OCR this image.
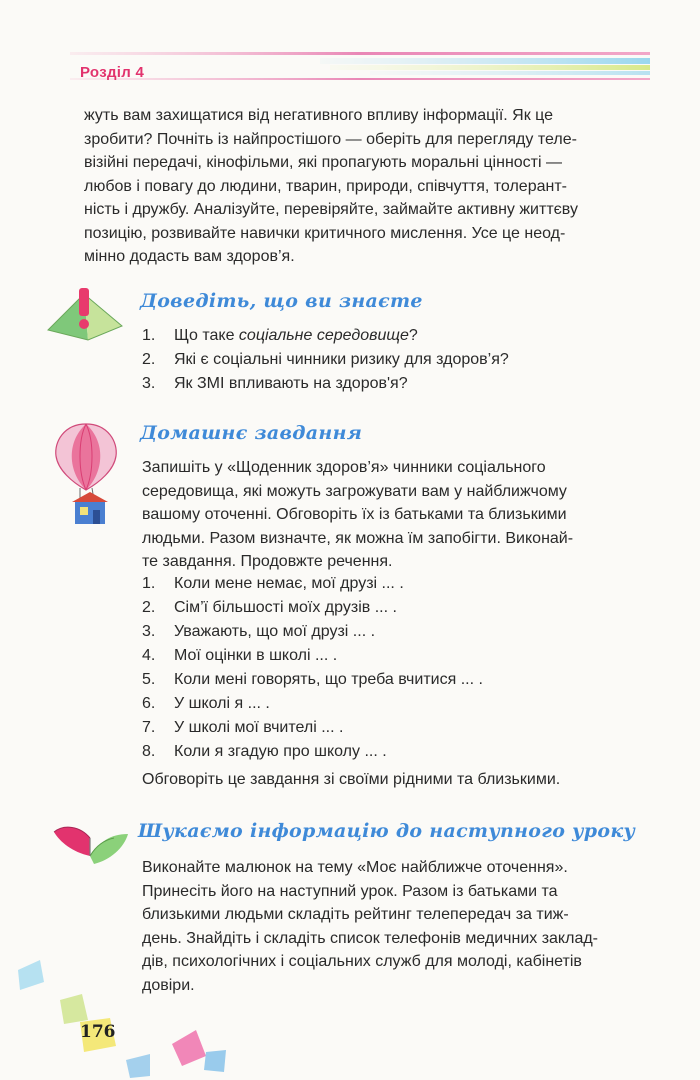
Розділ 4
жуть вам захищатися від негативного впливу інформації. Як це
зробити? Почніть із найпростішого — оберіть для перегляду теле-
візійні передачі, кінофільми, які пропагують моральні цінності —
любов і повагу до людини, тварин, природи, співчуття, толерант-
ність і дружбу. Аналізуйте, перевіряйте, займайте активну життєву
позицію, розвивайте навички критичного мислення. Усе це неод-
мінно додасть вам здоров’я.
Доведіть, що ви знаєте
1. Що таке соціальне середовище?
2. Які є соціальні чинники ризику для здоров’я?
3. Як ЗМІ впливають на здоров'я?
Домашнє завдання
Запишіть у «Щоденник здоров’я» чинники соціального
середовища, які можуть загрожувати вам у найближчому
вашому оточенні. Обговоріть їх із батьками та близькими
людьми. Разом визначте, як можна їм запобігти. Виконай-
те завдання. Продовжте речення.
1. Коли мене немає, мої друзі ... .
2. Сім’ї більшості моїх друзів ... .
3. Уважають, що мої друзі ... .
4. Мої оцінки в школі ... .
5. Коли мені говорять, що треба вчитися ... .
6. У школі я ... .
7. У школі мої вчителі ... .
8. Коли я згадую про школу ... .
Обговоріть це завдання зі своїми рідними та близькими.
Шукаємо інформацію до наступного уроку
Виконайте малюнок на тему «Моє найближче оточення».
Принесіть його на наступний урок. Разом із батьками та
близькими людьми складіть рейтинг телепередач за тиж-
день. Знайдіть і складіть список телефонів медичних заклад-
дів, психологічних і соціальних служб для молоді, кабінетів
довіри.
176
